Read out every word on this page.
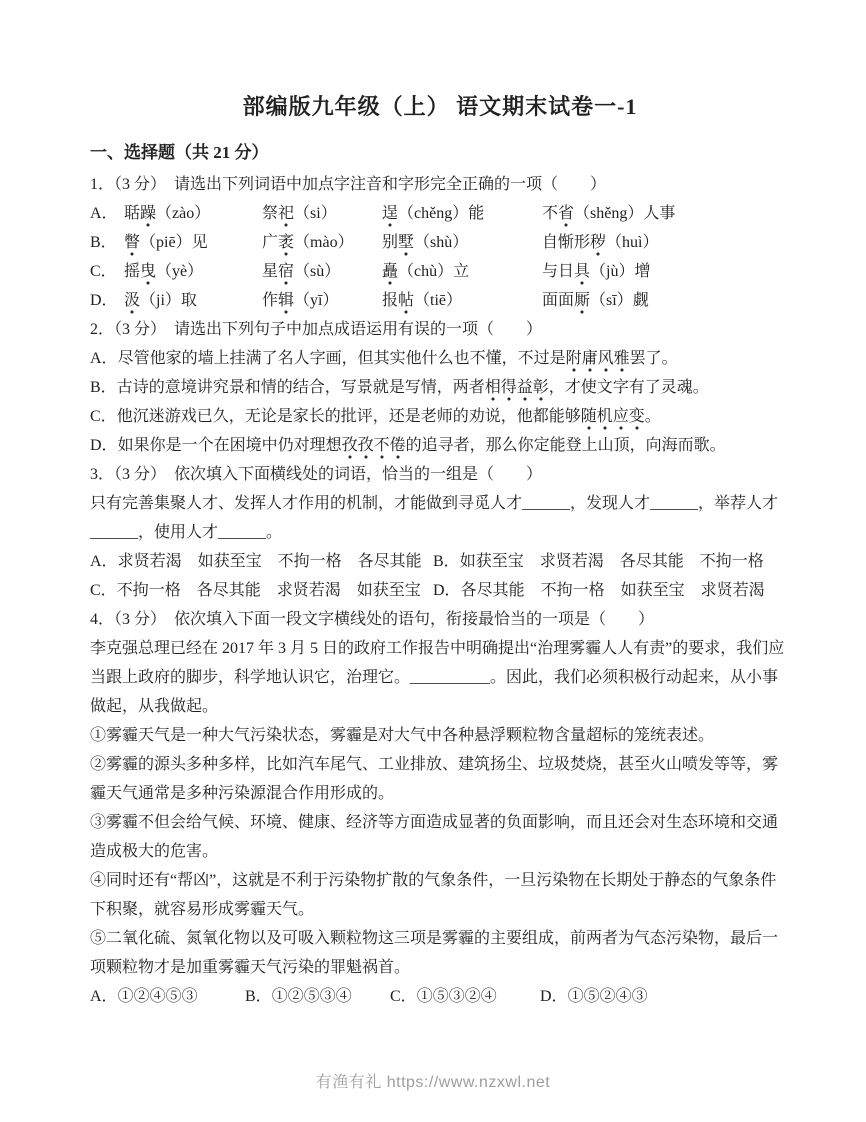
部编版九年级（上） 语文期末试卷一-1
一、选择题（共 21 分）

1．（3 分）　请选出下列词语中加点字注音和字形完全正确的一项（　　）

A． 聒躁（zào）	祭祀（si）	逞（chěng）能	不省（shěng）人事
B． 瞥（piē）见	广袤（mào）	别墅（shù）	自惭形秽（huì）
C． 摇曳（yè）	星宿（sù）	矗（chù）立	与日具（jù）增
D． 汲（ji）取	作辑（yī）	报帖（tiē）	面面厮（sī）觑

2．（3 分）　请选出下列句子中加点成语运用有误的一项（　　）

A．尽管他家的墙上挂满了名人字画，但其实他什么也不懂，不过是附庸风雅罢了。

B．古诗的意境讲究景和情的结合，写景就是写情，两者相得益彰，才使文字有了灵魂。

C．他沉迷游戏已久，无论是家长的批评，还是老师的劝说，他都能够随机应变。

D．如果你是一个在困境中仍对理想孜孜不倦的追寻者，那么你定能登上山顶，向海而歌。

3．（3 分）　依次填入下面横线处的词语，恰当的一组是（　　）

只有完善集聚人才、发挥人才作用的机制，才能做到寻觅人才______，发现人才______，举荐人才______，使用人才______。

A．求贤若渴　如获至宝　不拘一格　各尽其能 B．如获至宝　求贤若渴　各尽其能　不拘一格

C．不拘一格　各尽其能　求贤若渴　如获至宝 D．各尽其能　不拘一格　如获至宝　求贤若渴

4．（3 分）　依次填入下面一段文字横线处的语句，衔接最恰当的一项是（　　）

李克强总理已经在 2017 年 3 月 5 日的政府工作报告中明确提出“治理雾霾人人有责”的要求，我们应当跟上政府的脚步，科学地认识它，治理它。__________。因此，我们必须积极行动起来，从小事做起，从我做起。

①雾霾天气是一种大气污染状态，雾霾是对大气中各种悬浮颗粒物含量超标的笼统表述。

②雾霾的源头多种多样，比如汽车尾气、工业排放、建筑扬尘、垃圾焚烧，甚至火山喷发等等，雾霾天气通常是多种污染源混合作用形成的。

③雾霾不但会给气候、环境、健康、经济等方面造成显著的负面影响，而且还会对生态环境和交通造成极大的危害。

④同时还有“帮凶”，这就是不利于污染物扩散的气象条件，一旦污染物在长期处于静态的气象条件下积聚，就容易形成雾霾天气。

⑤二氧化硫、氮氧化物以及可吸入颗粒物这三项是雾霾的主要组成，前两者为气态污染物，最后一项颗粒物才是加重雾霾天气污染的罪魁祸首。

A．①②④⑤③	B．①②⑤③④	C．①⑤③②④	D．①⑤②④③
有渔有礼 https://www.nzxwl.net
